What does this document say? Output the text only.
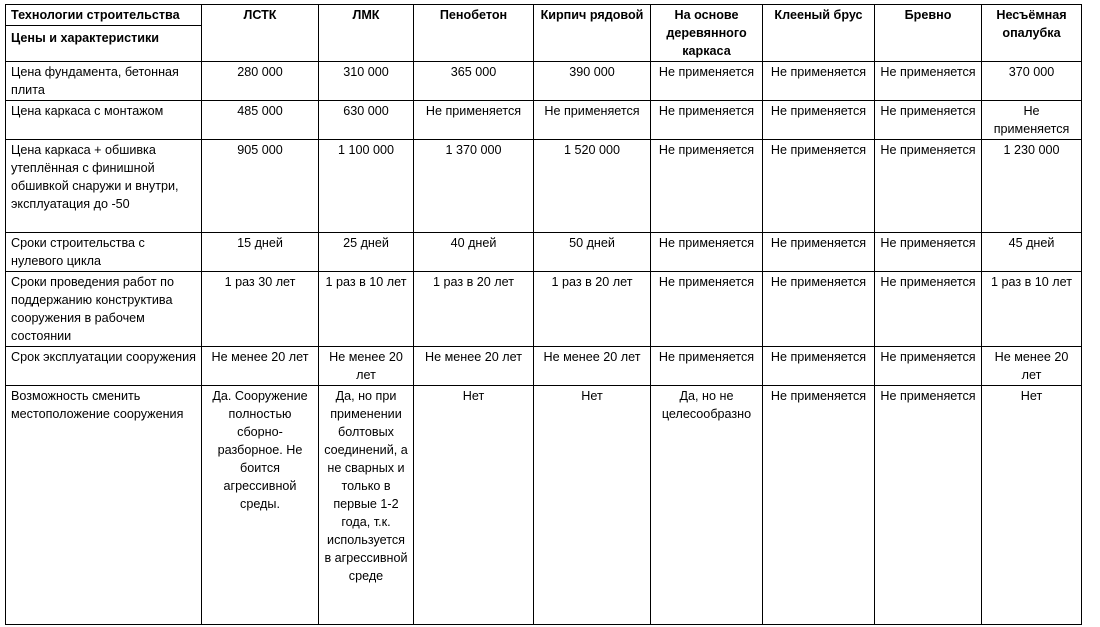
Технологии строительства
Цены и характеристики	ЛСТК	ЛМК	Пенобетон	Кирпич рядовой	На основе деревянного каркаса	Клееный брус	Бревно	Несъёмная опалубка
Цена фундамента, бетонная плита	280 000	310 000	365 000	390 000	Не применяется	Не применяется	Не применяется	370 000
Цена каркаса с монтажом	485 000	630 000	Не применяется	Не применяется	Не применяется	Не применяется	Не применяется	Не применяется
Цена каркаса + обшивка утеплённая с финишной обшивкой снаружи и внутри, эксплуатация до -50	905 000	1 100 000	1 370 000	1 520 000	Не применяется	Не применяется	Не применяется	1 230 000
Сроки строительства с нулевого цикла	15 дней	25 дней	40 дней	50 дней	Не применяется	Не применяется	Не применяется	45 дней
Сроки проведения работ по поддержанию конструктива сооружения в рабочем состоянии	1 раз 30 лет	1 раз в 10 лет	1 раз в 20 лет	1 раз в 20 лет	Не применяется	Не применяется	Не применяется	1 раз в 10 лет
Срок эксплуатации сооружения	Не менее 20 лет	Не менее 20 лет	Не менее 20 лет	Не менее 20 лет	Не применяется	Не применяется	Не применяется	Не менее 20 лет
Возможность сменить местоположение сооружения	Да. Сооружение полностью сборно-разборное. Не боится агрессивной среды.	Да, но при применении болтовых соединений, а не сварных и только в первые 1-2 года, т.к. используется в агрессивной среде	Нет	Нет	Да, но не целесообразно	Не применяется	Не применяется	Нет
